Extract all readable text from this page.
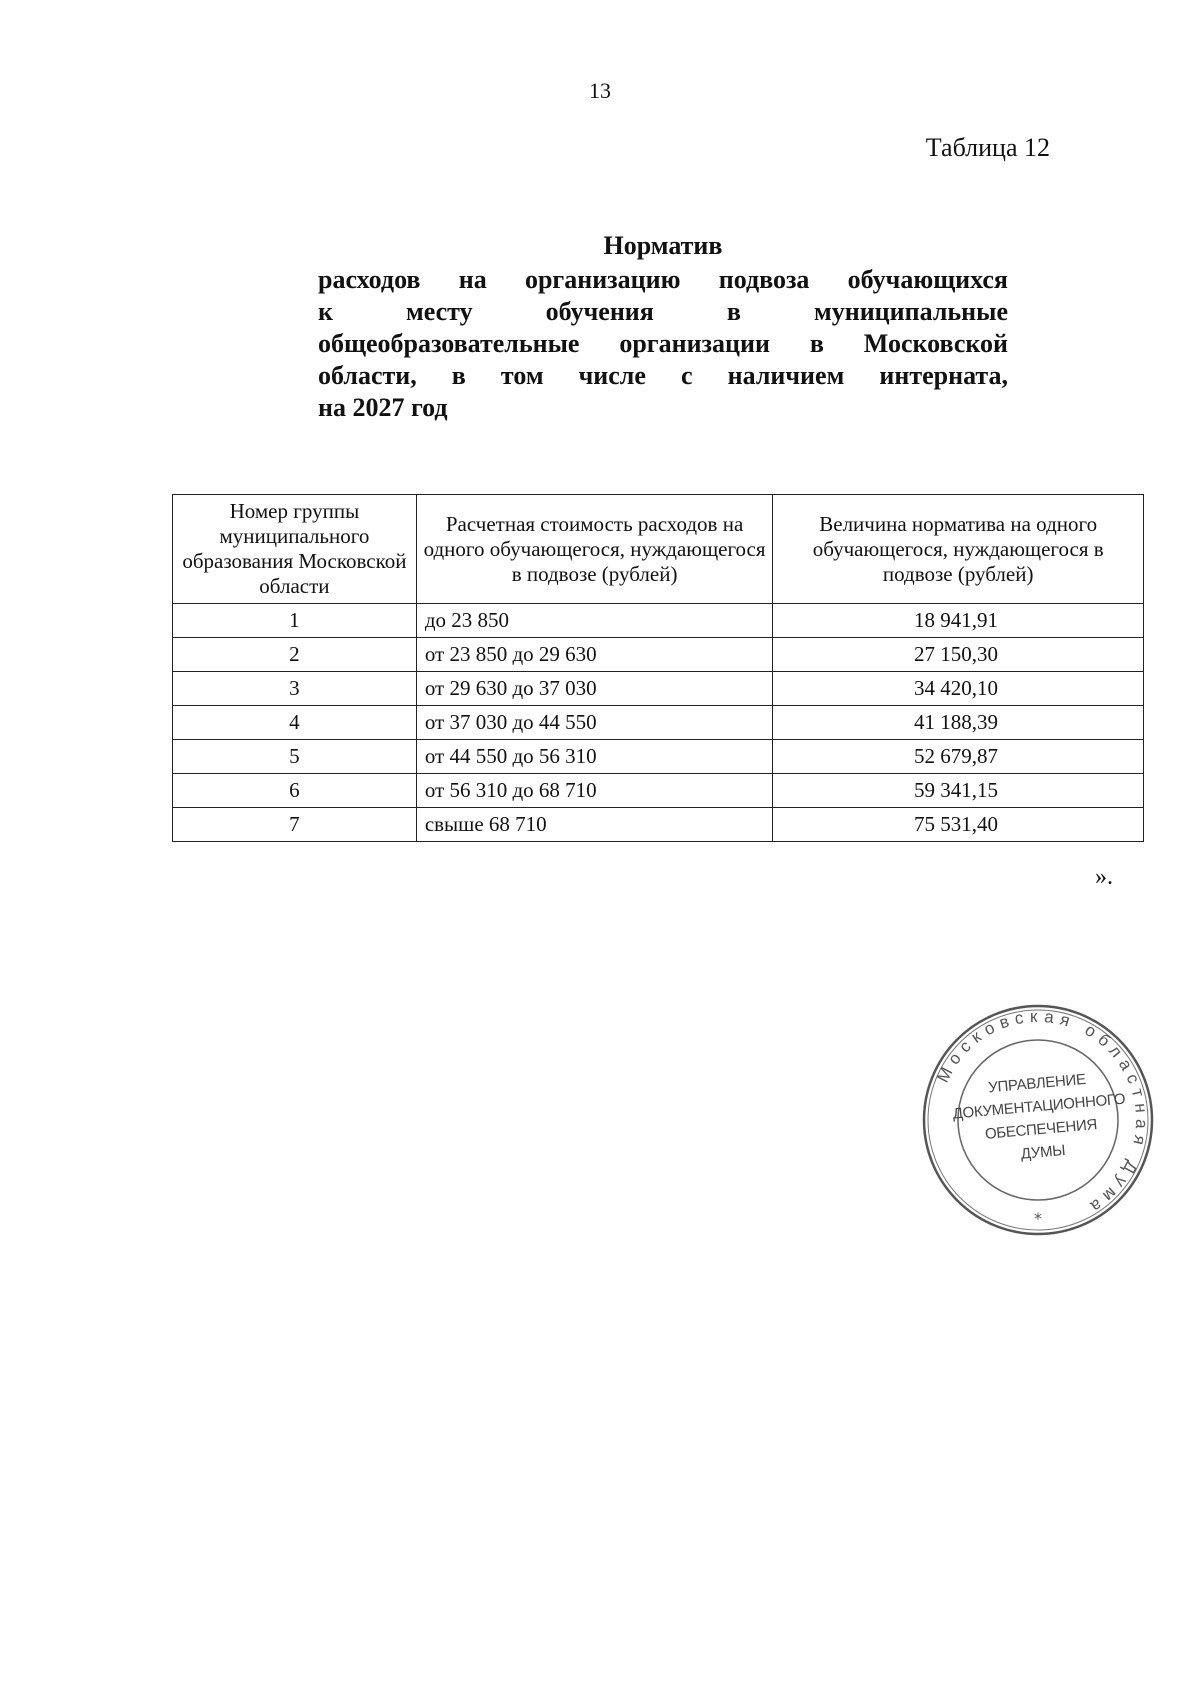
13
Таблица 12
Норматив
расходов на организацию подвоза обучающихся
к месту обучения в муниципальные
общеобразовательные организации в Московской
области, в том числе с наличием интерната,
на 2027 год
Номер группы муниципального образования Московской области	Расчетная стоимость расходов на одного обучающегося, нуждающегося в подвозе (рублей)	Величина норматива на одного обучающегося, нуждающегося в подвозе (рублей)
1	до 23 850	18 941,91
2	от 23 850 до 29 630	27 150,30
3	от 29 630 до 37 030	34 420,10
4	от 37 030 до 44 550	41 188,39
5	от 44 550 до 56 310	52 679,87
6	от 56 310 до 68 710	59 341,15
7	свыше 68 710	75 531,40
».
Московская областная Дума
*
УПРАВЛЕНИЕ
ДОКУМЕНТАЦИОННОГО
ОБЕСПЕЧЕНИЯ
ДУМЫ
